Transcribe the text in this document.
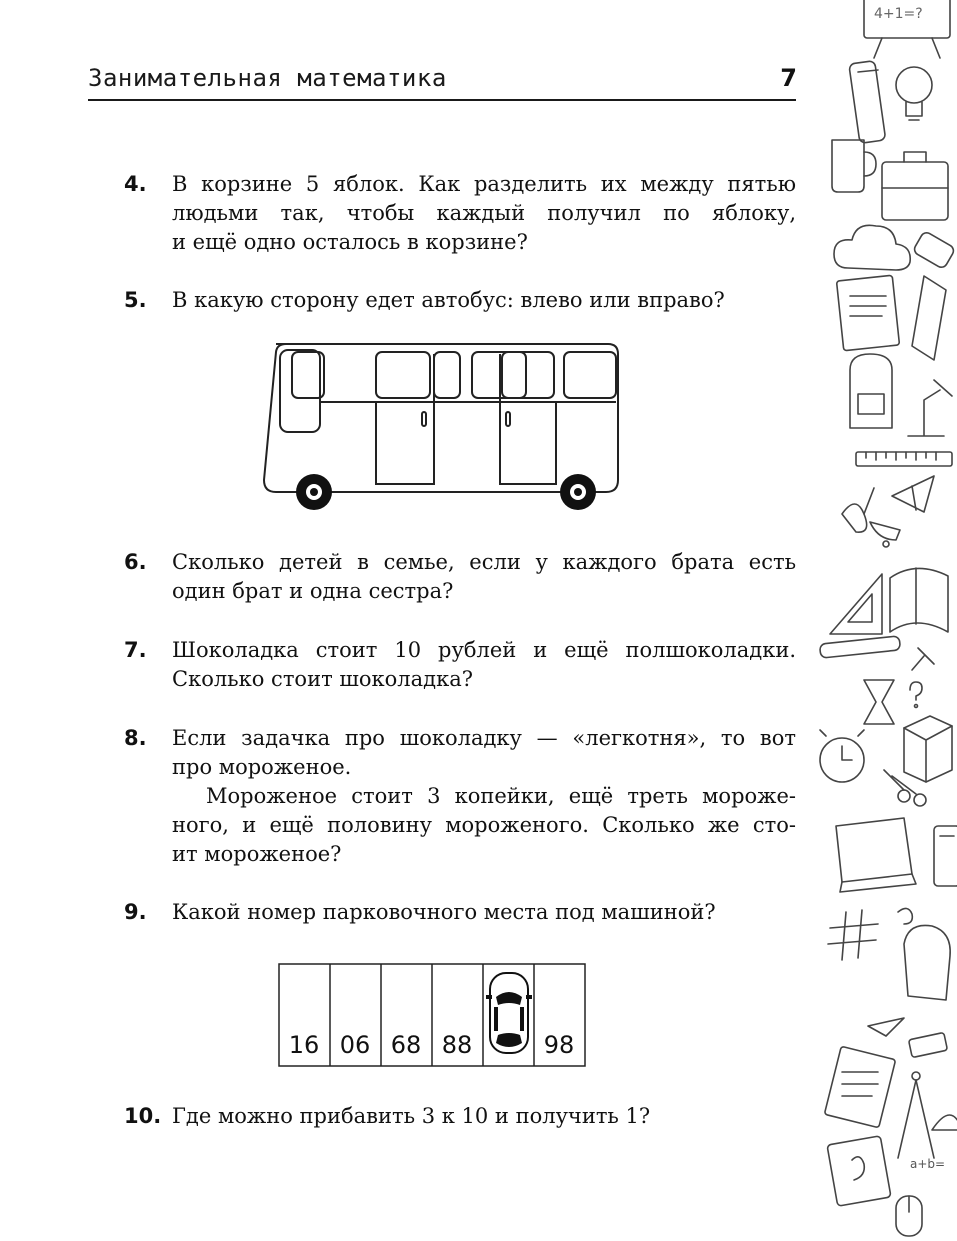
Занимательная математика	7
4. В корзине 5 яблок. Как разделить их между пятью
людьми так, чтобы каждый получил по яблоку,
и ещё одно осталось в корзине?
5. В какую сторону едет автобус: влево или вправо?
6. Сколько детей в семье, если у каждого брата есть
один брат и одна сестра?
7. Шоколадка стоит 10 рублей и ещё полшоколадки.
Сколько стоит шоколадка?
8. Если задачка про шоколадку — «легкотня», то вот
про мороженое.
Мороженое стоит 3 копейки, ещё треть мороже-
ного, и ещё половину мороженого. Сколько же сто-
ит мороженое?
9. Какой номер парковочного места под машиной?
16 06 68 88	98
10. Где можно прибавить 3 к 10 и получить 1?
4+1=?
a+b=
